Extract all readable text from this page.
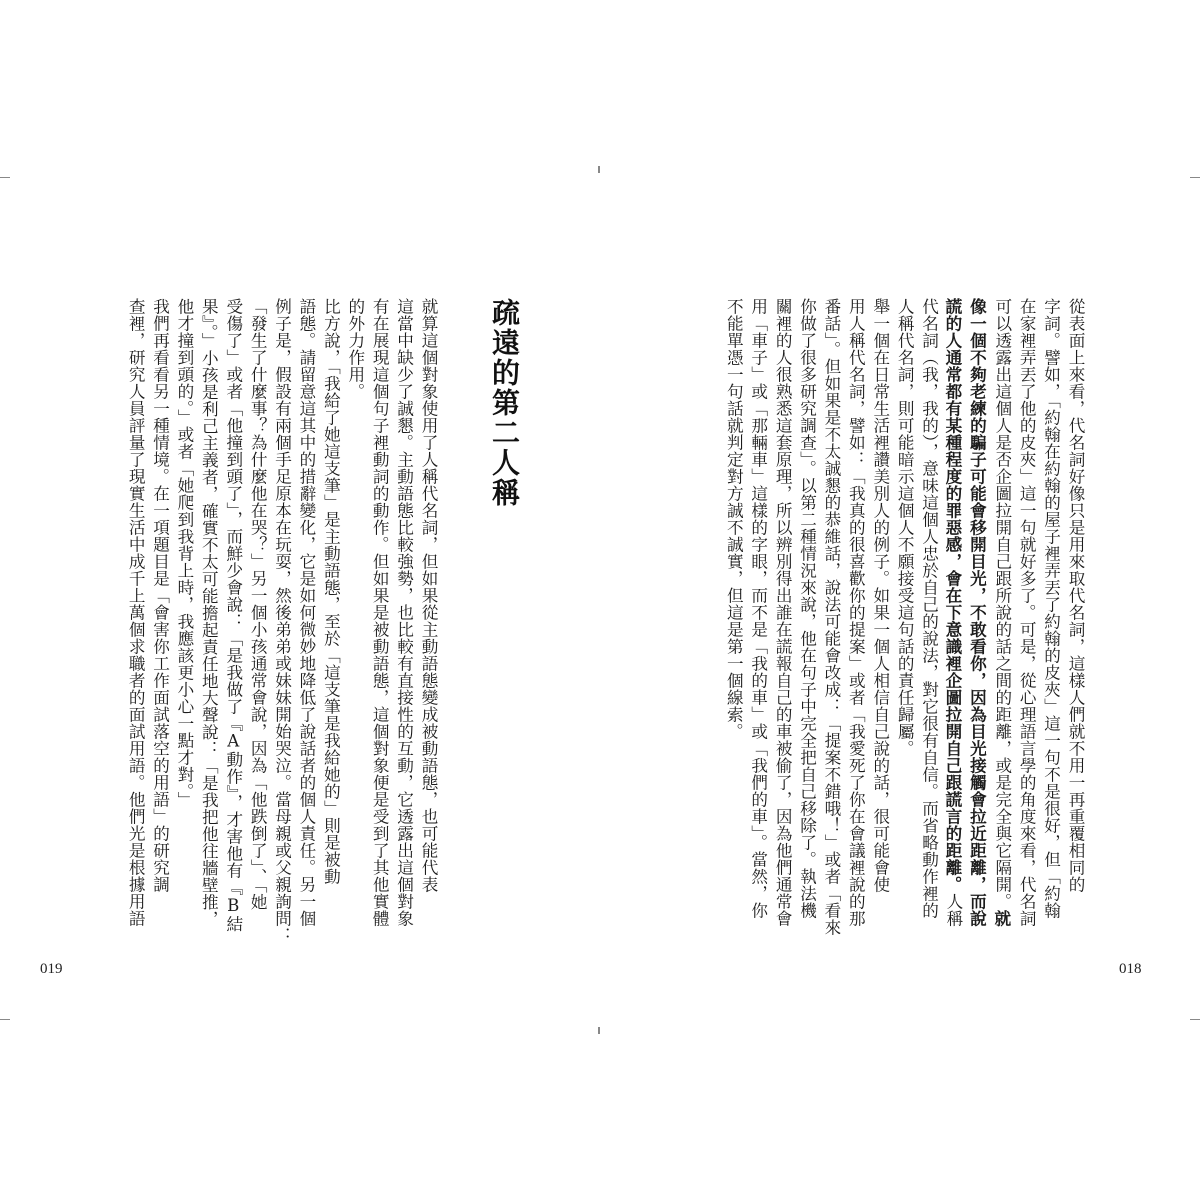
疏遠的第二人稱
就算這個對象使用了人稱代名詞，但如果從主動語態變成被動語態，也可能代表
這當中缺少了誠懇。主動語態比較強勢，也比較有直接性的互動，它透露出這個對象
有在展現這個句子裡動詞的動作。但如果是被動語態，這個對象便是受到了其他實體
的外力作用。
比方說，「我給了她這支筆」是主動語態，至於「這支筆是我給她的」則是被動
語態。請留意這其中的措辭變化，它是如何微妙地降低了說話者的個人責任。另一個
例子是，假設有兩個手足原本在玩耍，然後弟弟或妹妹開始哭泣。當母親或父親詢問：
「發生了什麼事？為什麼他在哭？」另一個小孩通常會說，因為「他跌倒了」、「她
受傷了」或者「他撞到頭了」，而鮮少會說：「是我做了『A動作』，才害他有『B結
果』。」小孩是利己主義者，確實不太可能擔起責任地大聲說：「是我把他往牆壁推，
他才撞到頭的。」或者「她爬到我背上時，我應該更小心一點才對。」
我們再看看另一種情境。在一項題目是「會害你工作面試落空的用語」的研究調
查裡，研究人員評量了現實生活中成千上萬個求職者的面試用語。他們光是根據用語
019
從表面上來看，代名詞好像只是用來取代名詞，這樣人們就不用一再重覆相同的
字詞。譬如，「約翰在約翰的屋子裡弄丟了約翰的皮夾」這一句不是很好，但「約翰
在家裡弄丟了他的皮夾」這一句就好多了。可是，從心理語言學的角度來看，代名詞
可以透露出這個人是否企圖拉開自己跟所說的話之間的距離，或是完全與它隔開。就
像一個不夠老練的騙子可能會移開目光，不敢看你，因為目光接觸會拉近距離，而說
謊的人通常都有某種程度的罪惡感，會在下意識裡企圖拉開自己跟謊言的距離。人稱
代名詞（我，我的），意味這個人忠於自己的說法，對它很有自信。而省略動作裡的
人稱代名詞，則可能暗示這個人不願接受這句話的責任歸屬。
舉一個在日常生活裡讚美別人的例子。如果一個人相信自己說的話，很可能會使
用人稱代名詞，譬如：「我真的很喜歡你的提案」或者「我愛死了你在會議裡說的那
番話」。但如果是不太誠懇的恭維話，說法可能會改成：「提案不錯哦！」或者「看來
你做了很多研究調查」。以第二種情況來說，他在句子中完全把自己移除了。執法機
關裡的人很熟悉這套原理，所以辨別得出誰在謊報自己的車被偷了，因為他們通常會
用「車子」或「那輛車」這樣的字眼，而不是「我的車」或「我們的車」。當然，你
不能單憑一句話就判定對方誠不誠實，但這是第一個線索。
018
